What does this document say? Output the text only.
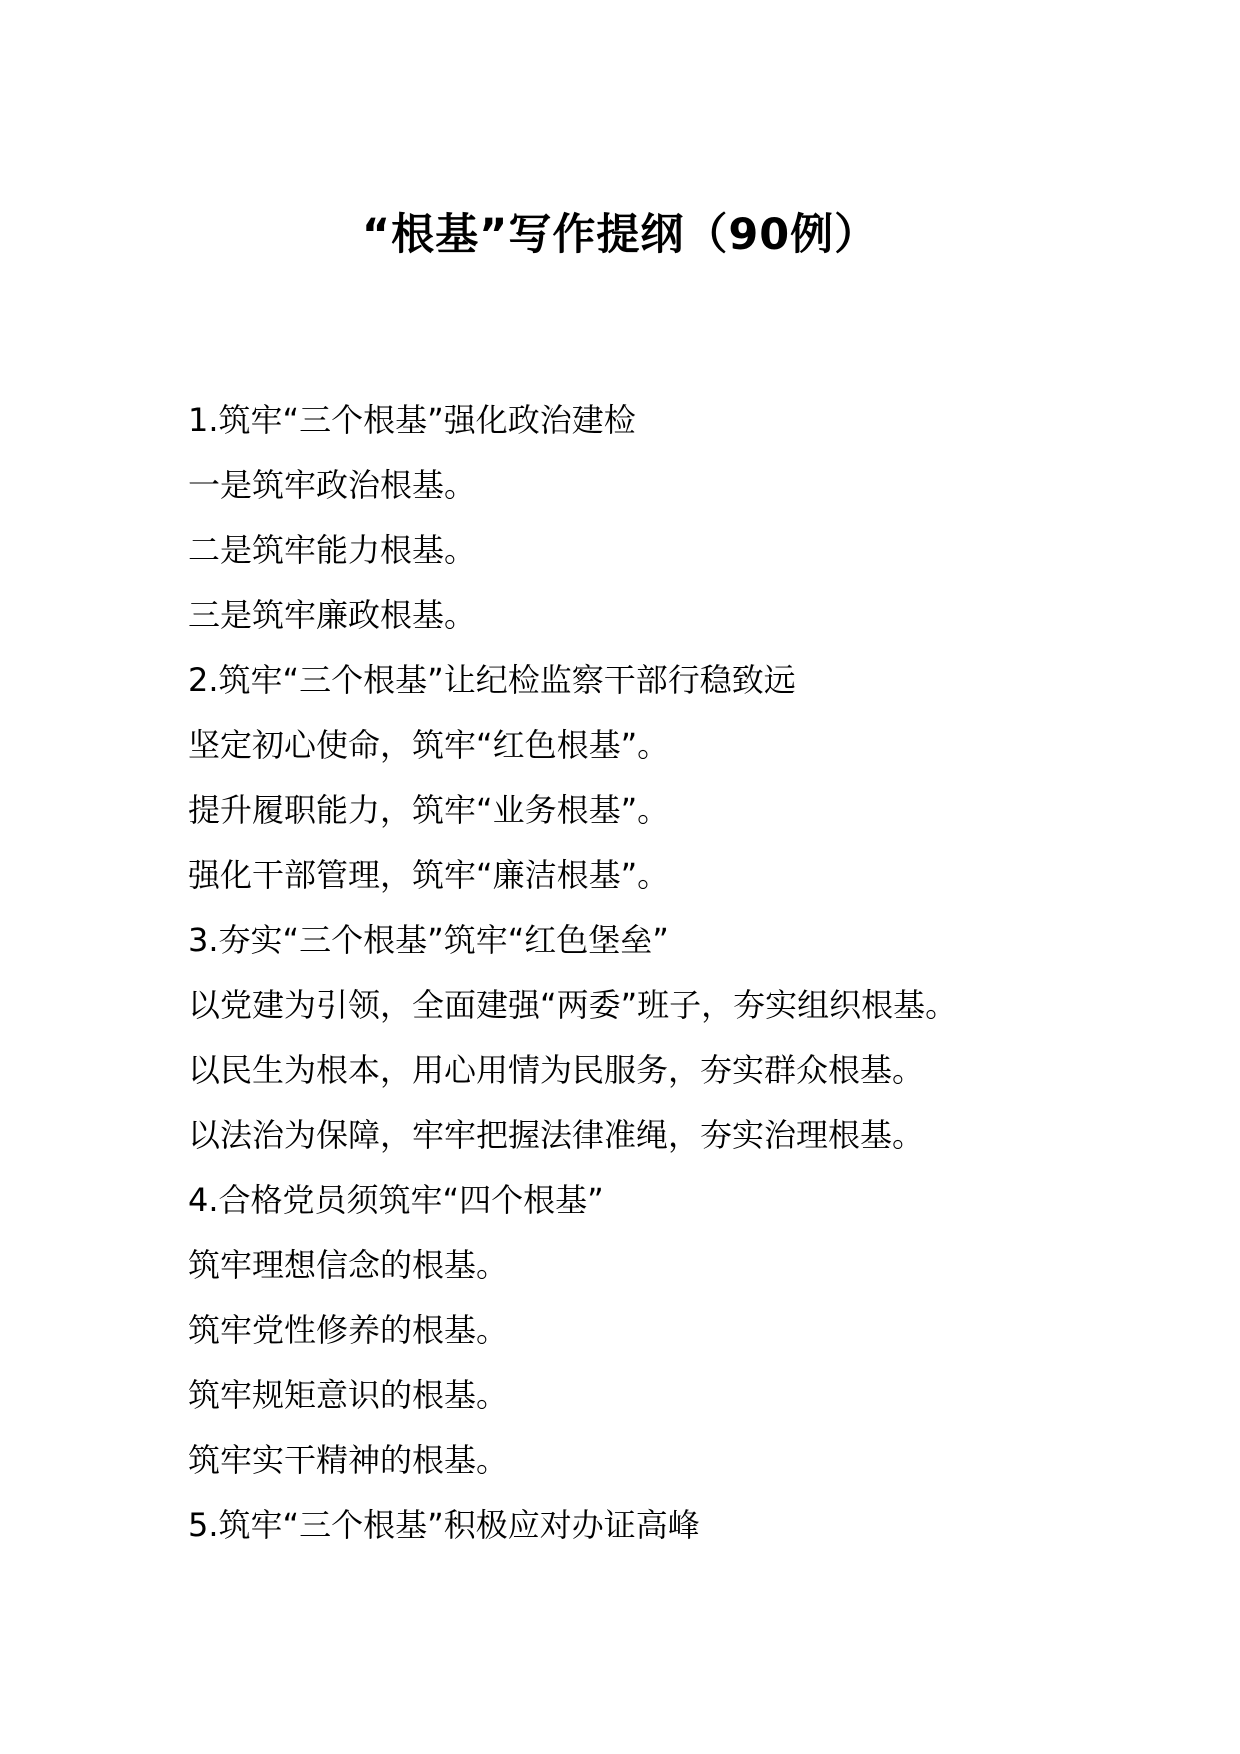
“根基”写作提纲（90例）
1.筑牢“三个根基”强化政治建检
一是筑牢政治根基。
二是筑牢能力根基。
三是筑牢廉政根基。
2.筑牢“三个根基”让纪检监察干部行稳致远
坚定初心使命，筑牢“红色根基”。
提升履职能力，筑牢“业务根基”。
强化干部管理，筑牢“廉洁根基”。
3.夯实“三个根基”筑牢“红色堡垒”
以党建为引领，全面建强“两委”班子，夯实组织根基。
以民生为根本，用心用情为民服务，夯实群众根基。
以法治为保障，牢牢把握法律准绳，夯实治理根基。
4.合格党员须筑牢“四个根基”
筑牢理想信念的根基。
筑牢党性修养的根基。
筑牢规矩意识的根基。
筑牢实干精神的根基。
5.筑牢“三个根基”积极应对办证高峰
